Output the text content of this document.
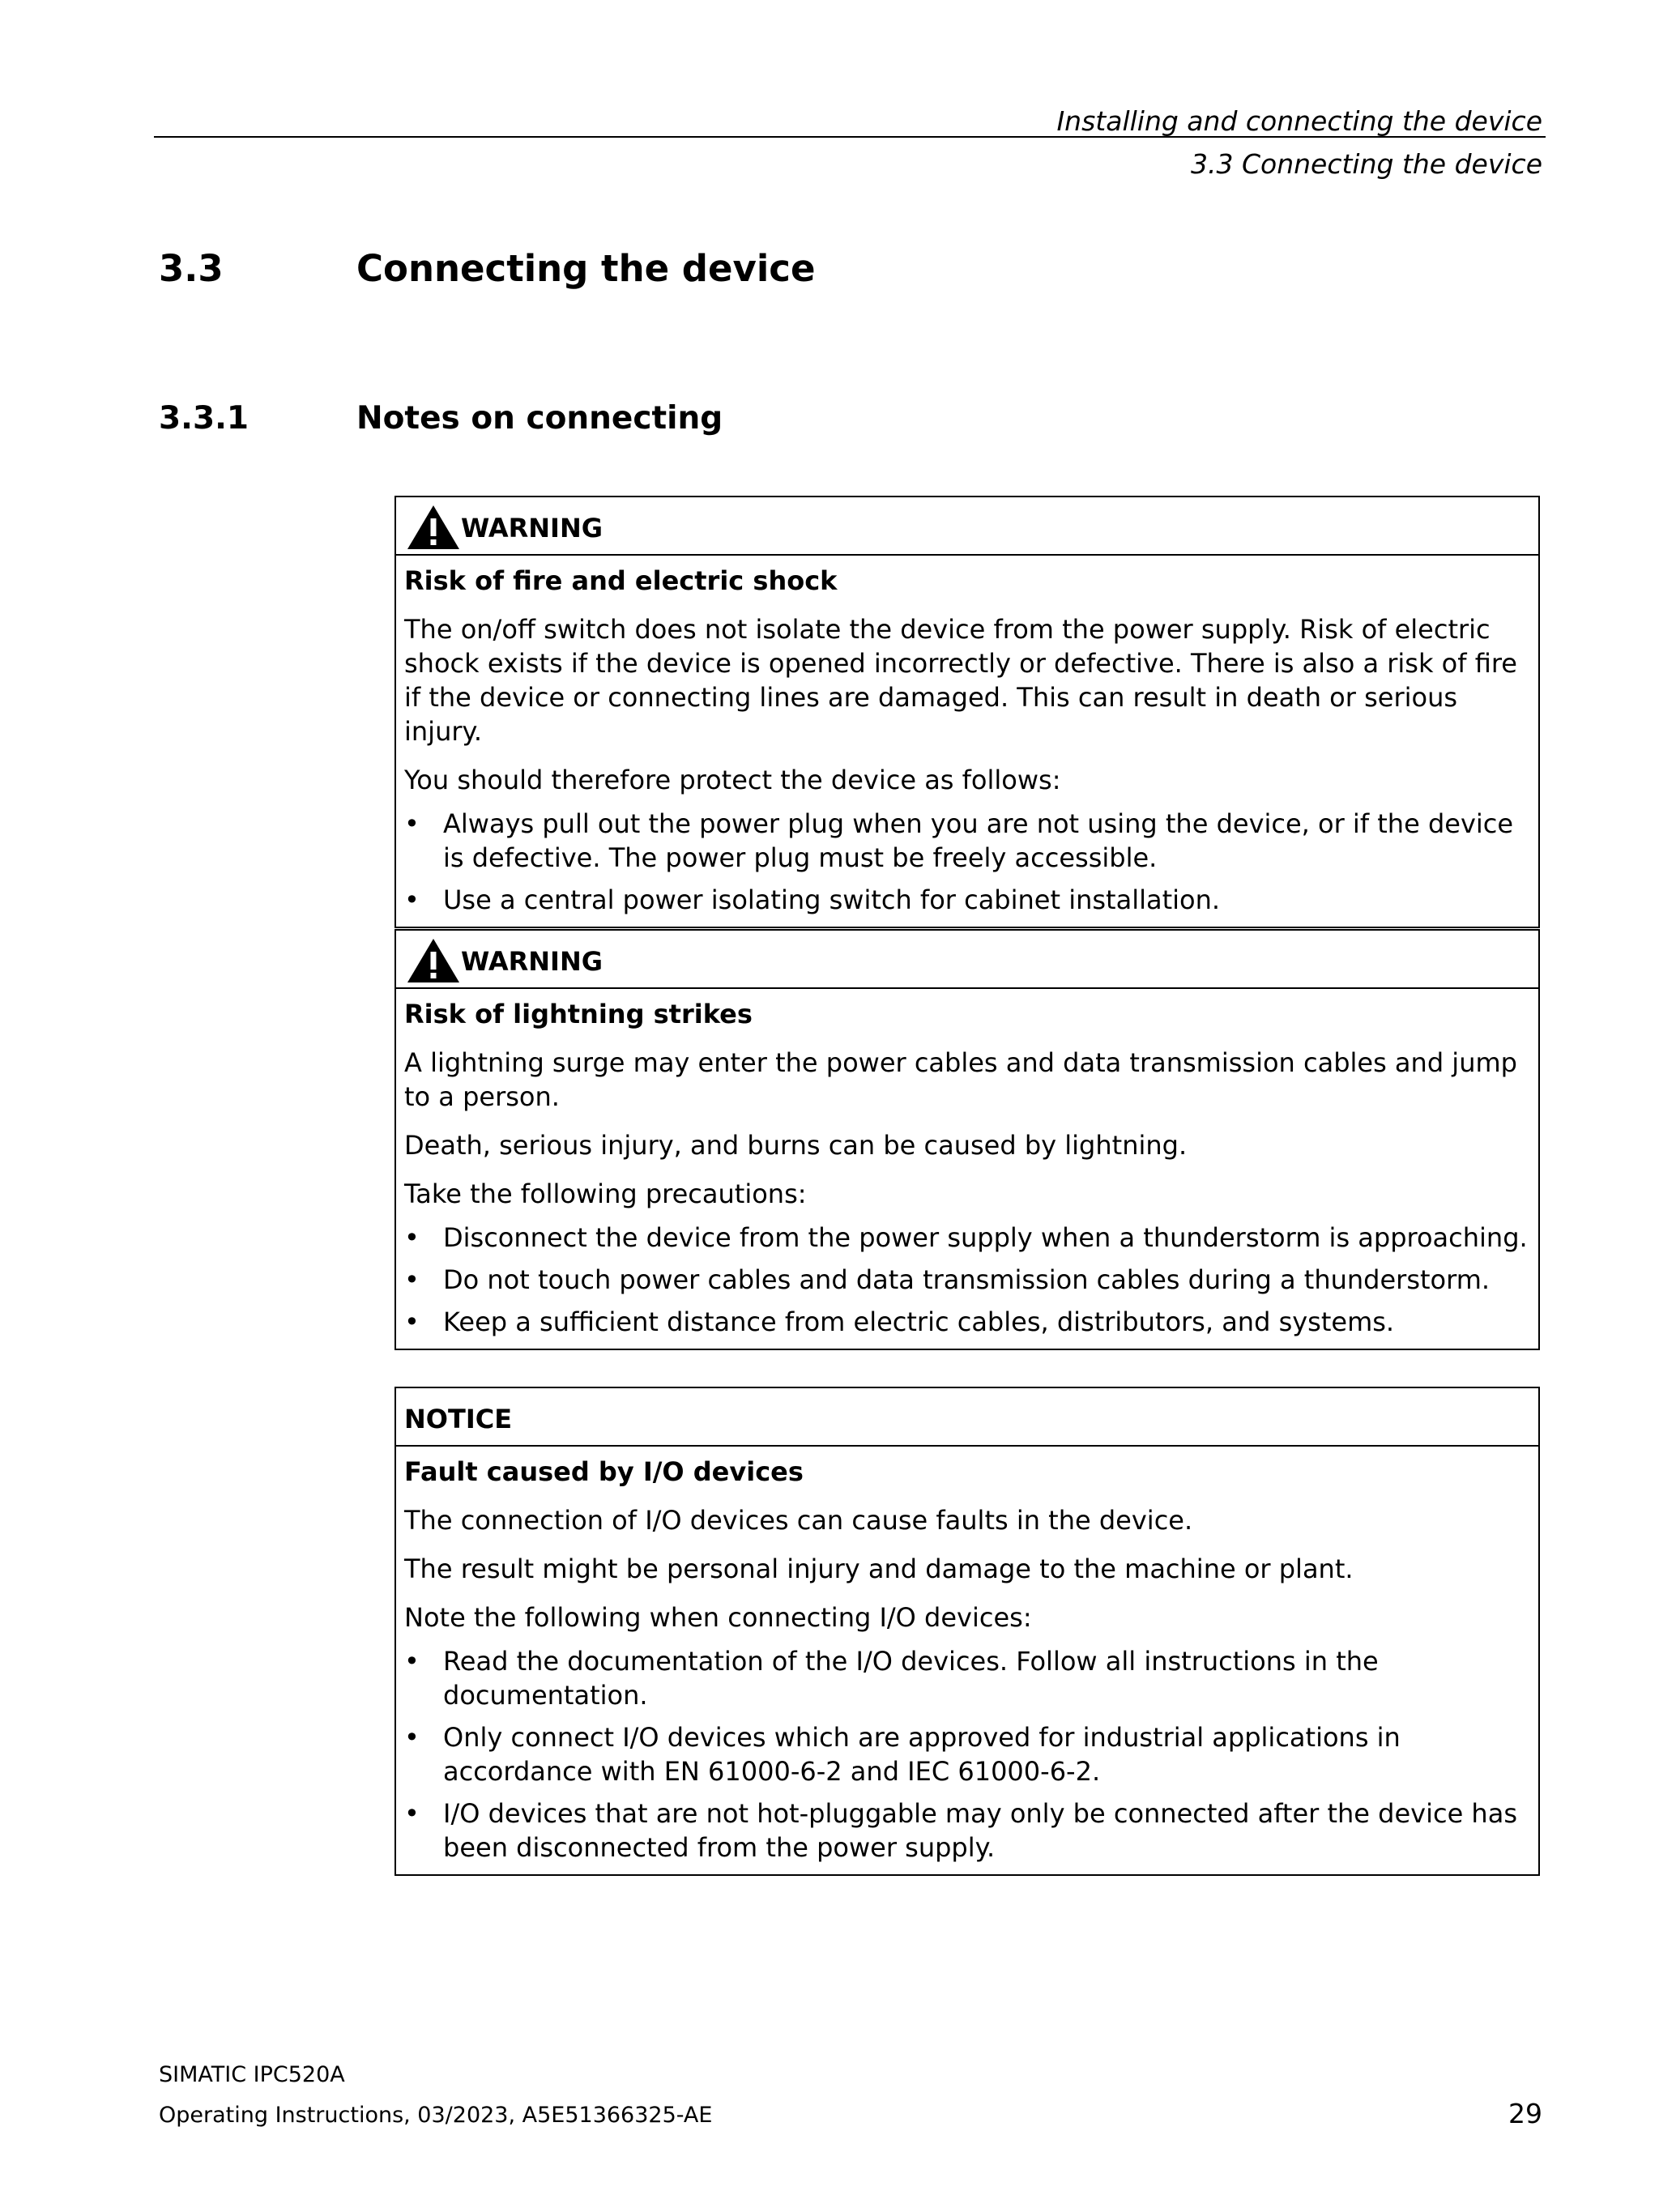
Installing and connecting the device
3.3 Connecting the device
3.3	Connecting the device
3.3.1	Notes on connecting
WARNING
Risk of fire and electric shock

The on/off switch does not isolate the device from the power supply. Risk of electric shock exists if the device is opened incorrectly or defective. There is also a risk of fire if the device or connecting lines are damaged. This can result in death or serious injury.

You should therefore protect the device as follows:

• Always pull out the power plug when you are not using the device, or if the device is defective. The power plug must be freely accessible.
• Use a central power isolating switch for cabinet installation.
WARNING
Risk of lightning strikes

A lightning surge may enter the power cables and data transmission cables and jump to a person.

Death, serious injury, and burns can be caused by lightning.

Take the following precautions:

• Disconnect the device from the power supply when a thunderstorm is approaching.
• Do not touch power cables and data transmission cables during a thunderstorm.
• Keep a sufficient distance from electric cables, distributors, and systems.
NOTICE
Fault caused by I/O devices

The connection of I/O devices can cause faults in the device.

The result might be personal injury and damage to the machine or plant.

Note the following when connecting I/O devices:

• Read the documentation of the I/O devices. Follow all instructions in the documentation.
• Only connect I/O devices which are approved for industrial applications in accordance with EN 61000-6-2 and IEC 61000-6-2.
• I/O devices that are not hot-pluggable may only be connected after the device has been disconnected from the power supply.
SIMATIC IPC520A
Operating Instructions, 03/2023, A5E51366325-AE	29
